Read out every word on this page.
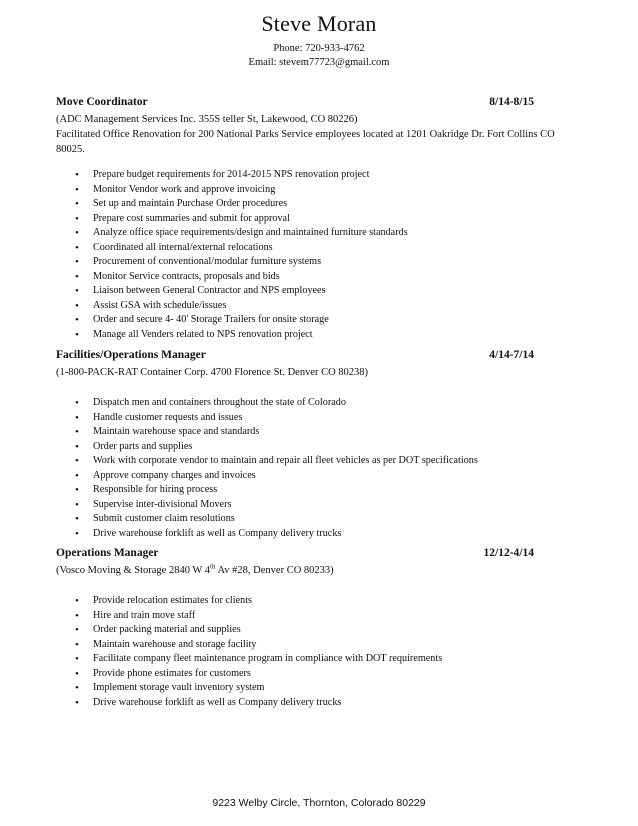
Steve Moran
Phone: 720-933-4762
Email: stevem77723@gmail.com
Move Coordinator	8/14-8/15
(ADC Management Services Inc. 355S teller St, Lakewood, CO 80226)
Facilitated Office Renovation for 200 National Parks Service employees located at 1201 Oakridge Dr. Fort Collins CO
80025.
• Prepare budget requirements for 2014-2015 NPS renovation project
• Monitor Vendor work and approve invoicing
• Set up and maintain Purchase Order procedures
• Prepare cost summaries and submit for approval
• Analyze office space requirements/design and maintained furniture standards
• Coordinated all internal/external relocations
• Procurement of conventional/modular furniture systems
• Monitor Service contracts, proposals and bids
• Liaison between General Contractor and NPS employees
• Assist GSA with schedule/issues
• Order and secure 4- 40' Storage Trailers for onsite storage
• Manage all Venders related to NPS renovation project
Facilities/Operations Manager	4/14-7/14
(1-800-PACK-RAT Container Corp. 4700 Florence St. Denver CO 80238)
• Dispatch men and containers throughout the state of Colorado
• Handle customer requests and issues
• Maintain warehouse space and standards
• Order parts and supplies
• Work with corporate vendor to maintain and repair all fleet vehicles as per DOT specifications
• Approve company charges and invoices
• Responsible for hiring process
• Supervise inter-divisional Movers
• Submit customer claim resolutions
• Drive warehouse forklift as well as Company delivery trucks
Operations Manager	12/12-4/14
(Vosco Moving & Storage 2840 W 4th Av #28, Denver CO 80233)
• Provide relocation estimates for clients
• Hire and train move staff
• Order packing material and supplies
• Maintain warehouse and storage facility
• Facilitate company fleet maintenance program in compliance with DOT requirements
• Provide phone estimates for customers
• Implement storage vault inventory system
• Drive warehouse forklift as well as Company delivery trucks
9223 Welby Circle, Thornton, Colorado 80229
